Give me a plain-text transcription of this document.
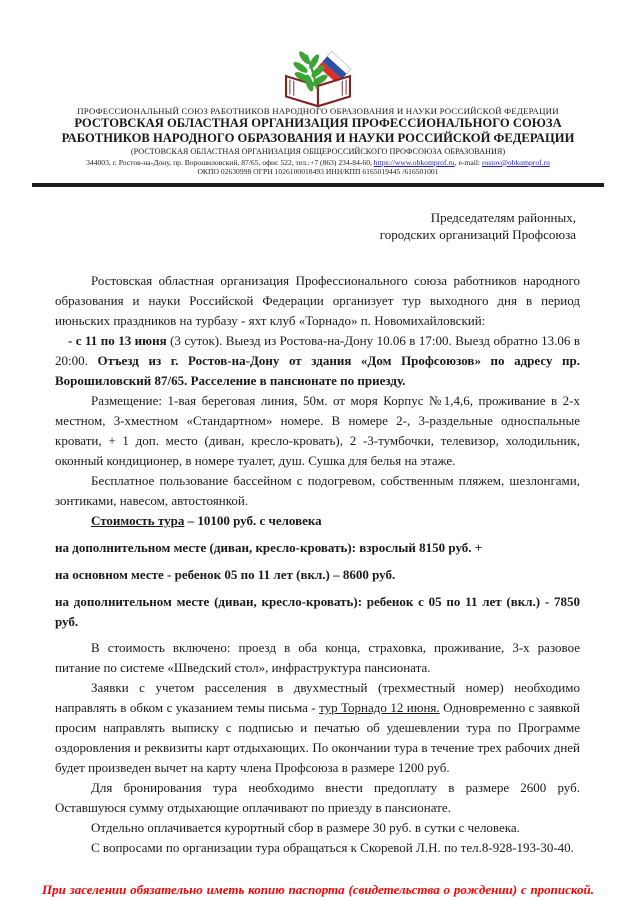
ПРОФЕССИОНАЛЬНЫЙ СОЮЗ РАБОТНИКОВ НАРОДНОГО ОБРАЗОВАНИЯ И НАУКИ РОССИЙСКОЙ ФЕДЕРАЦИИ
РОСТОВСКАЯ ОБЛАСТНАЯ ОРГАНИЗАЦИЯ ПРОФЕССИОНАЛЬНОГО СОЮЗА
РАБОТНИКОВ НАРОДНОГО ОБРАЗОВАНИЯ И НАУКИ РОССИЙСКОЙ ФЕДЕРАЦИИ
(РОСТОВСКАЯ ОБЛАСТНАЯ ОРГАНИЗАЦИЯ ОБЩЕРОССИЙСКОГО ПРОФСОЮЗА ОБРАЗОВАНИЯ)
344003, г. Ростов-на-Дону, пр. Ворошиловский, 87/65, офис 522, тел.:+7 (863) 234-84-60, https://www.obkomprof.ru, e-mail: rostov@obkomprof.ru
ОКПО 02630998 ОГРН 1026100018493 ИНН/КПП 6165019445 /616501001
Председателям районных,
городских организаций Профсоюза

Ростовская областная организация Профессионального союза работников народного образования и науки Российской Федерации организует тур выходного дня в период июньских праздников на турбазу - яхт клуб «Торнадо» п. Новомихайловский:

- с 11 по 13 июня (3 суток). Выезд из Ростова-на-Дону 10.06 в 17:00. Выезд обратно 13.06 в 20:00. Отъезд из г. Ростов-на-Дону от здания «Дом Профсоюзов» по адресу пр. Ворошиловский 87/65. Расселение в пансионате по приезду.

Размещение: 1-вая береговая линия, 50м. от моря Корпус №1,4,6, проживание в 2-х местном, 3-хместном «Стандартном» номере. В номере 2-, 3-раздельные односпальные кровати, + 1 доп. место (диван, кресло-кровать), 2 -3-тумбочки, телевизор, холодильник, оконный кондиционер, в номере туалет, душ. Сушка для белья на этаже.

Бесплатное пользование бассейном с подогревом, собственным пляжем, шезлонгами, зонтиками, навесом, автостоянкой.

Стоимость тура – 10100 руб. с человека

на дополнительном месте (диван, кресло-кровать): взрослый 8150 руб. +

на основном месте - ребенок 05 по 11 лет (вкл.) – 8600 руб.

на дополнительном месте (диван, кресло-кровать): ребенок с 05 по 11 лет (вкл.) - 7850 руб.

В стоимость включено: проезд в оба конца, страховка, проживание, 3-х разовое питание по системе «Шведский стол», инфраструктура пансионата.

Заявки с учетом расселения в двухместный (трехместный номер) необходимо направлять в обком с указанием темы письма - тур Торнадо 12 июня. Одновременно с заявкой просим направлять выписку с подписью и печатью об удешевлении тура по Программе оздоровления и реквизиты карт отдыхающих. По окончании тура в течение трех рабочих дней будет произведен вычет на карту члена Профсоюза в размере 1200 руб.

Для бронирования тура необходимо внести предоплату в размере 2600 руб. Оставшуюся сумму отдыхающие оплачивают по приезду в пансионате.

Отдельно оплачивается курортный сбор в размере 30 руб. в сутки с человека.

С вопросами по организации тура обращаться к Скоревой Л.Н. по тел.8-928-193-30-40.

При заселении обязательно иметь копию паспорта (свидетельства о рождении) с пропиской.
